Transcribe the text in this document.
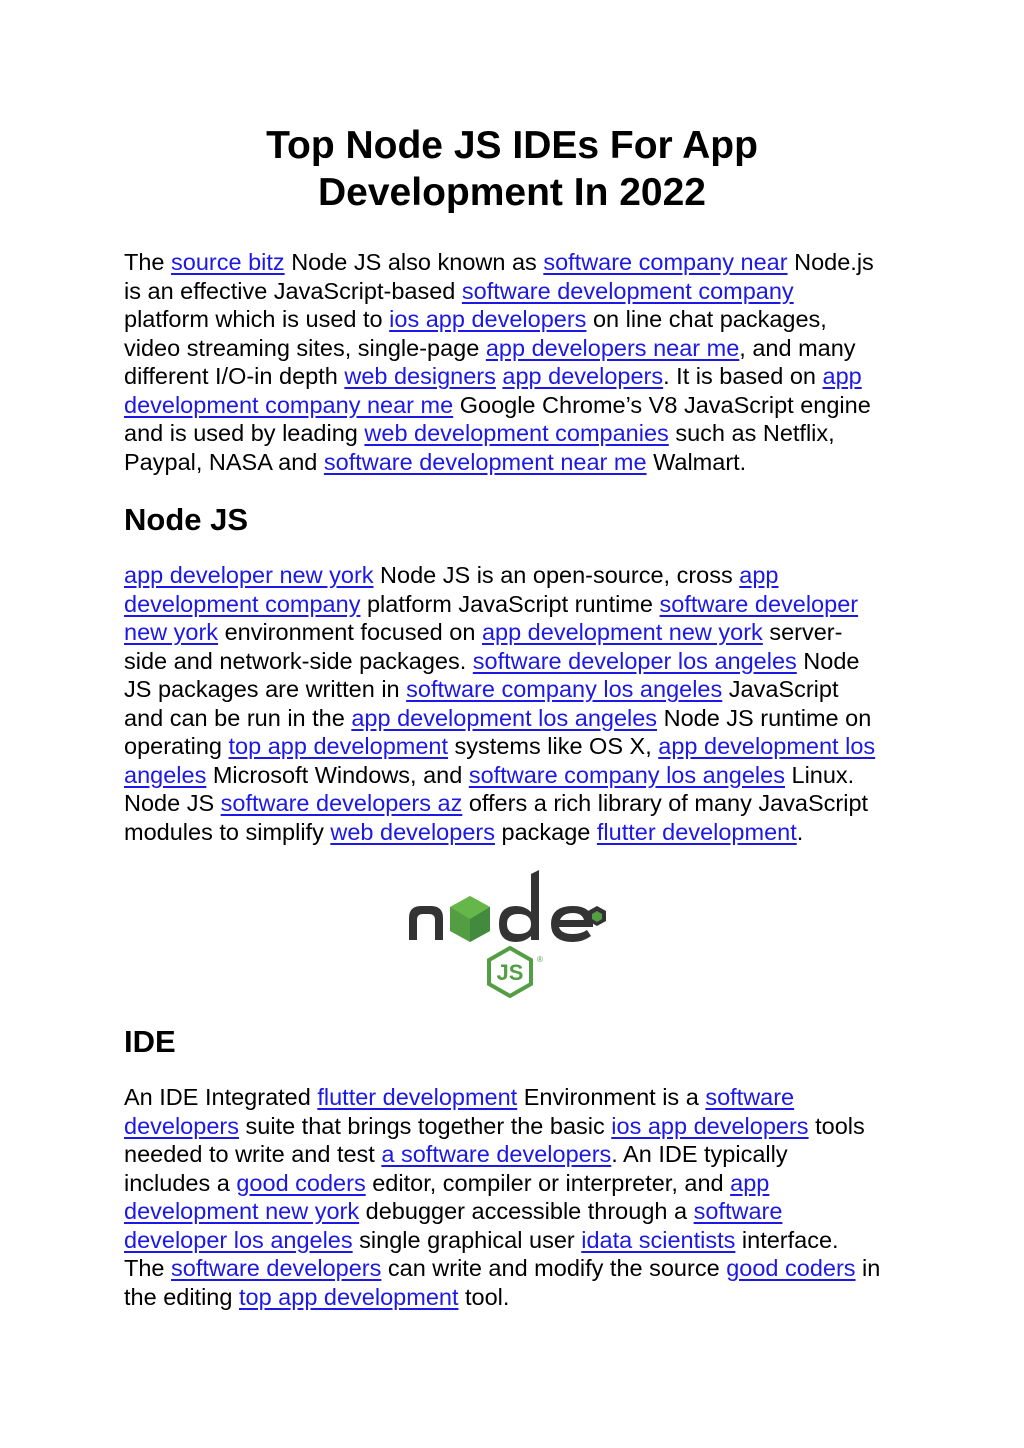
Top Node JS IDEs For App
Development In 2022
The source bitz Node JS also known as software company near Node.js
is an effective JavaScript-based software development company
platform which is used to ios app developers on line chat packages,
video streaming sites, single-page app developers near me, and many
different I/O-in depth web designers app developers. It is based on app
development company near me Google Chrome’s V8 JavaScript engine
and is used by leading web development companies such as Netflix,
Paypal, NASA and software development near me Walmart.
Node JS
app developer new york Node JS is an open-source, cross app
development company platform JavaScript runtime software developer
new york environment focused on app development new york server-
side and network-side packages. software developer los angeles Node
JS packages are written in software company los angeles JavaScript
and can be run in the app development los angeles Node JS runtime on
operating top app development systems like OS X, app development los
angeles Microsoft Windows, and software company los angeles Linux.
Node JS software developers az offers a rich library of many JavaScript
modules to simplify web developers package flutter development.
JS
®
IDE
An IDE Integrated flutter development Environment is a software
developers suite that brings together the basic ios app developers tools
needed to write and test a software developers. An IDE typically
includes a good coders editor, compiler or interpreter, and app
development new york debugger accessible through a software
developer los angeles single graphical user idata scientists interface.
The software developers can write and modify the source good coders in
the editing top app development tool.
